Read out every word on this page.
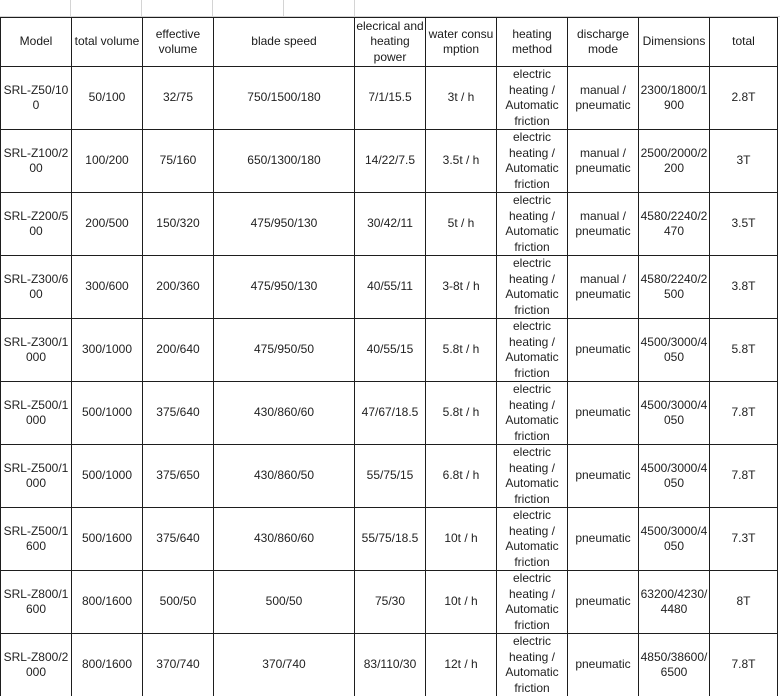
Model	total volume	effective volume	blade speed	elecrical and heating power	water consumption	heating method	discharge mode	Dimensions	total

SRL-Z50/100	50/100	32/75	750/1500/180	7/1/15.5	3t / h	electric heating / Automatic friction	manual / pneumatic	2300/1800/1900	2.8T

SRL-Z100/200	100/200	75/160	650/1300/180	14/22/7.5	3.5t / h	electric heating / Automatic friction	manual / pneumatic	2500/2000/2200	3T

SRL-Z200/500	200/500	150/320	475/950/130	30/42/11	5t / h	electric heating / Automatic friction	manual / pneumatic	4580/2240/2470	3.5T

SRL-Z300/600	300/600	200/360	475/950/130	40/55/11	3-8t / h	electric heating / Automatic friction	manual / pneumatic	4580/2240/2500	3.8T

SRL-Z300/1000	300/1000	200/640	475/950/50	40/55/15	5.8t / h	electric heating / Automatic friction	pneumatic	4500/3000/4050	5.8T

SRL-Z500/1000	500/1000	375/640	430/860/60	47/67/18.5	5.8t / h	electric heating / Automatic friction	pneumatic	4500/3000/4050	7.8T

SRL-Z500/1000	500/1000	375/650	430/860/50	55/75/15	6.8t / h	electric heating / Automatic friction	pneumatic	4500/3000/4050	7.8T

SRL-Z500/1600	500/1600	375/640	430/860/60	55/75/18.5	10t / h	electric heating / Automatic friction	pneumatic	4500/3000/4050	7.3T

SRL-Z800/1600	800/1600	500/50	500/50	75/30	10t / h	electric heating / Automatic friction	pneumatic	63200/4230/4480	8T

SRL-Z800/2000	800/1600	370/740	370/740	83/110/30	12t / h	electric heating / Automatic friction	pneumatic	4850/38600/6500	7.8T
